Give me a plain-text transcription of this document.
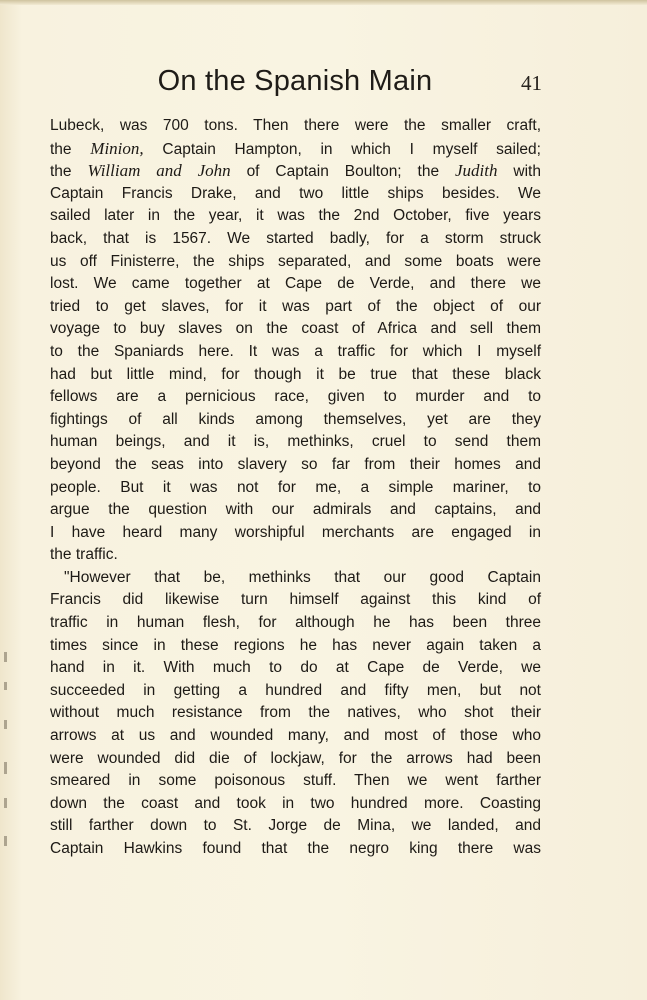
On the Spanish Main	41
Lubeck, was 700 tons. Then there were the smaller craft,
the Minion, Captain Hampton, in which I myself sailed;
the William and John of Captain Boulton; the Judith with
Captain Francis Drake, and two little ships besides. We
sailed later in the year, it was the 2nd October, five years
back, that is 1567. We started badly, for a storm struck
us off Finisterre, the ships separated, and some boats were
lost. We came together at Cape de Verde, and there we
tried to get slaves, for it was part of the object of our
voyage to buy slaves on the coast of Africa and sell them
to the Spaniards here. It was a traffic for which I myself
had but little mind, for though it be true that these black
fellows are a pernicious race, given to murder and to
fightings of all kinds among themselves, yet are they
human beings, and it is, methinks, cruel to send them
beyond the seas into slavery so far from their homes and
people. But it was not for me, a simple mariner, to
argue the question with our admirals and captains, and
I have heard many worshipful merchants are engaged in
the traffic.
"However that be, methinks that our good Captain
Francis did likewise turn himself against this kind of
traffic in human flesh, for although he has been three
times since in these regions he has never again taken a
hand in it. With much to do at Cape de Verde, we
succeeded in getting a hundred and fifty men, but not
without much resistance from the natives, who shot their
arrows at us and wounded many, and most of those who
were wounded did die of lockjaw, for the arrows had been
smeared in some poisonous stuff. Then we went farther
down the coast and took in two hundred more. Coasting
still farther down to St. Jorge de Mina, we landed, and
Captain Hawkins found that the negro king there was
